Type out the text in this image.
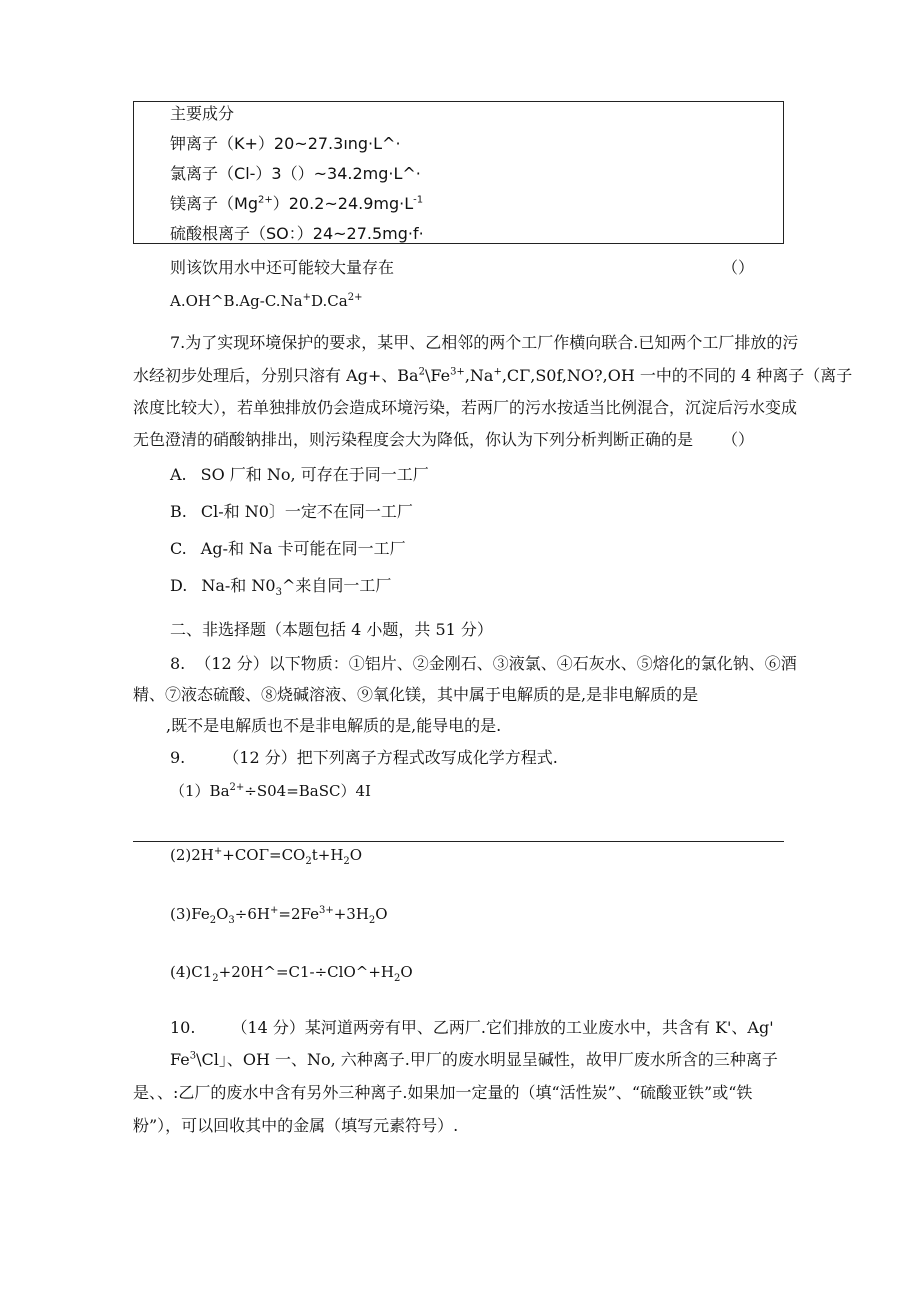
主要成分
钾离子（K+）20~27.3ıng·L^·
氯离子（Cl-）3（）~34.2mg·L^·
镁离子$(Mg^{2+})20.2\sim 24.9mg\cdot L^{-1}$
硫酸根离子（SO：）24~27.5mg·f·
则该饮用水中还可能较大量存在	（）
$A.OH\^{}B.Ag-C.Na^+D.Ca^{2+}$
7.为了实现环境保护的要求，某甲、乙相邻的两个工厂作横向联合.已知两个工厂排放的污
水经初步处理后，分别只溶有 Ag+、$Ba^2\backslash Fe^{3+},Na^+,C\Gamma,S0f,NO?,OH$ 一中的不同的 4 种离子（离子
浓度比较大），若单独排放仍会造成环境污染，若两厂的污水按适当比例混合，沉淀后污水变成
无色澄清的硝酸钠排出，则污染程度会大为降低，你认为下列分析判断正确的是 （）
A. SO 厂和 No, 可存在于同一工厂
B. Cl-和 N0〕一定不在同一工厂
C. Ag-和 Na 卡可能在同一工厂
D. Na-和 $N0_3\^{}$来自同一工厂
二、非选择题（本题包括 4 小题，共 51 分）
8. （12 分）以下物质：①铝片、②金刚石、③液氯、④石灰水、⑤熔化的氯化钠、⑥酒
精、⑦液态硫酸、⑧烧碱溶液、⑨氧化镁，其中属于电解质的是,是非电解质的是
,既不是电解质也不是非电解质的是,能导电的是.
9. （12 分）把下列离子方程式改写成化学方程式.
$(1)Ba^{2+}\div S04=BaSC)4I$
$(2)2H^++CO\Gamma=CO_2t+H_2O$
$(3)Fe_2O_3\div 6H^+=2Fe^{3+}+3H_2O$
$(4)C1_2+20H\^{}=C1-\div ClO\^{}+H_2O$
10. （14 分）某河道两旁有甲、乙两厂.它们排放的工业废水中，共含有 K'、Ag'
Fe$^3$\Cl」、OH 一、No, 六种离子.甲厂的废水明显呈碱性，故甲厂废水所含的三种离子
是、、:乙厂的废水中含有另外三种离子.如果加一定量的（填“活性炭”、“硫酸亚铁”或“铁
粉”），可以回收其中的金属（填写元素符号）.
